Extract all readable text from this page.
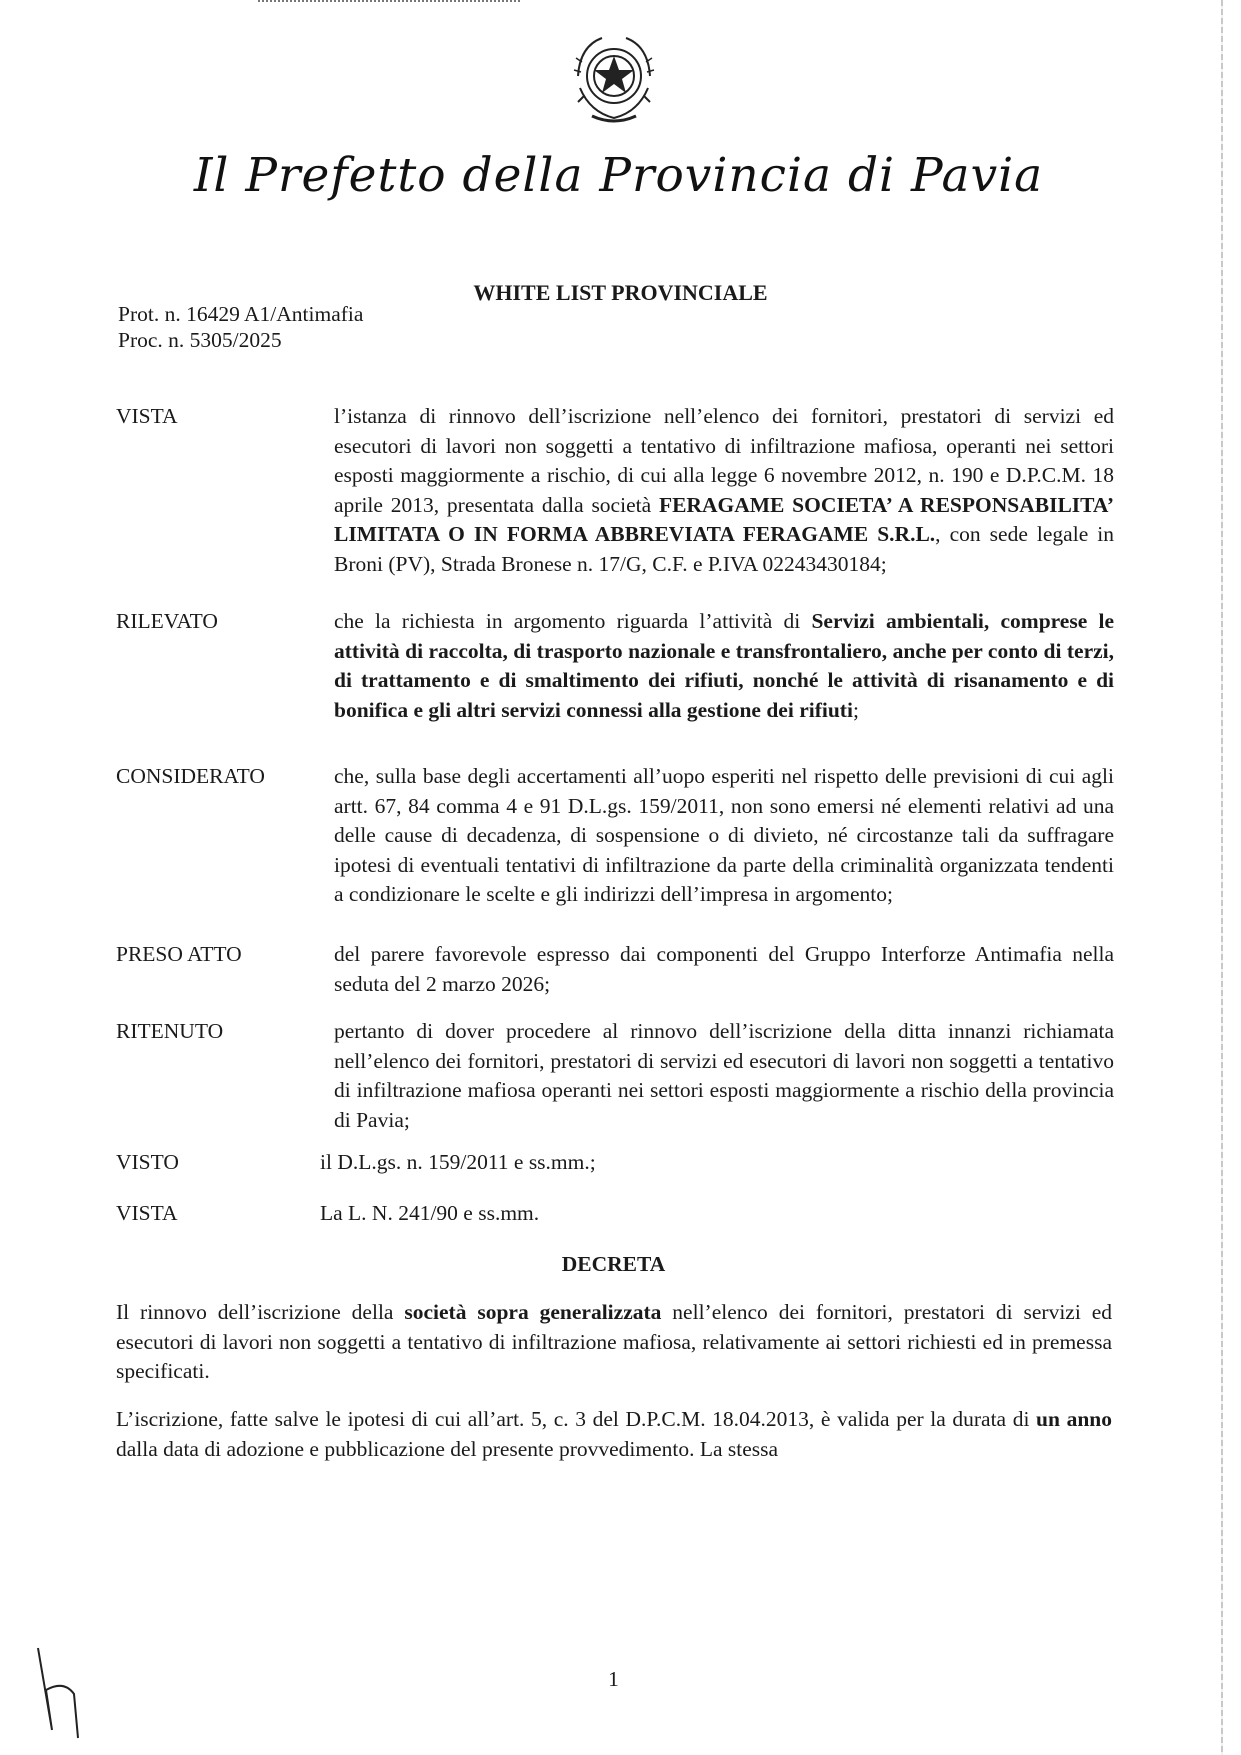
Il Prefetto della Provincia di Pavia
WHITE LIST PROVINCIALE
Prot. n. 16429 A1/Antimafia
Proc. n. 5305/2025
VISTA	l’istanza di rinnovo dell’iscrizione nell’elenco dei fornitori, prestatori di servizi ed esecutori di lavori non soggetti a tentativo di infiltrazione mafiosa, operanti nei settori esposti maggiormente a rischio, di cui alla legge 6 novembre 2012, n. 190 e D.P.C.M. 18 aprile 2013, presentata dalla società FERAGAME SOCIETA’ A RESPONSABILITA’ LIMITATA O IN FORMA ABBREVIATA FERAGAME S.R.L., con sede legale in Broni (PV), Strada Bronese n. 17/G, C.F. e P.IVA 02243430184;
RILEVATO	che la richiesta in argomento riguarda l’attività di Servizi ambientali, comprese le attività di raccolta, di trasporto nazionale e transfrontaliero, anche per conto di terzi, di trattamento e di smaltimento dei rifiuti, nonché le attività di risanamento e di bonifica e gli altri servizi connessi alla gestione dei rifiuti;
CONSIDERATO	che, sulla base degli accertamenti all’uopo esperiti nel rispetto delle previsioni di cui agli artt. 67, 84 comma 4 e 91 D.L.gs. 159/2011, non sono emersi né elementi relativi ad una delle cause di decadenza, di sospensione o di divieto, né circostanze tali da suffragare ipotesi di eventuali tentativi di infiltrazione da parte della criminalità organizzata tendenti a condizionare le scelte e gli indirizzi dell’impresa in argomento;
PRESO ATTO	del parere favorevole espresso dai componenti del Gruppo Interforze Antimafia nella seduta del 2 marzo 2026;
RITENUTO	pertanto di dover procedere al rinnovo dell’iscrizione della ditta innanzi richiamata nell’elenco dei fornitori, prestatori di servizi ed esecutori di lavori non soggetti a tentativo di infiltrazione mafiosa operanti nei settori esposti maggiormente a rischio della provincia di Pavia;
VISTO	il D.L.gs. n. 159/2011 e ss.mm.;
VISTA	La L. N. 241/90 e ss.mm.
DECRETA
Il rinnovo dell’iscrizione della società sopra generalizzata nell’elenco dei fornitori, prestatori di servizi ed esecutori di lavori non soggetti a tentativo di infiltrazione mafiosa, relativamente ai settori richiesti ed in premessa specificati.
L’iscrizione, fatte salve le ipotesi di cui all’art. 5, c. 3 del D.P.C.M. 18.04.2013, è valida per la durata di un anno dalla data di adozione e pubblicazione del presente provvedimento. La stessa
1
